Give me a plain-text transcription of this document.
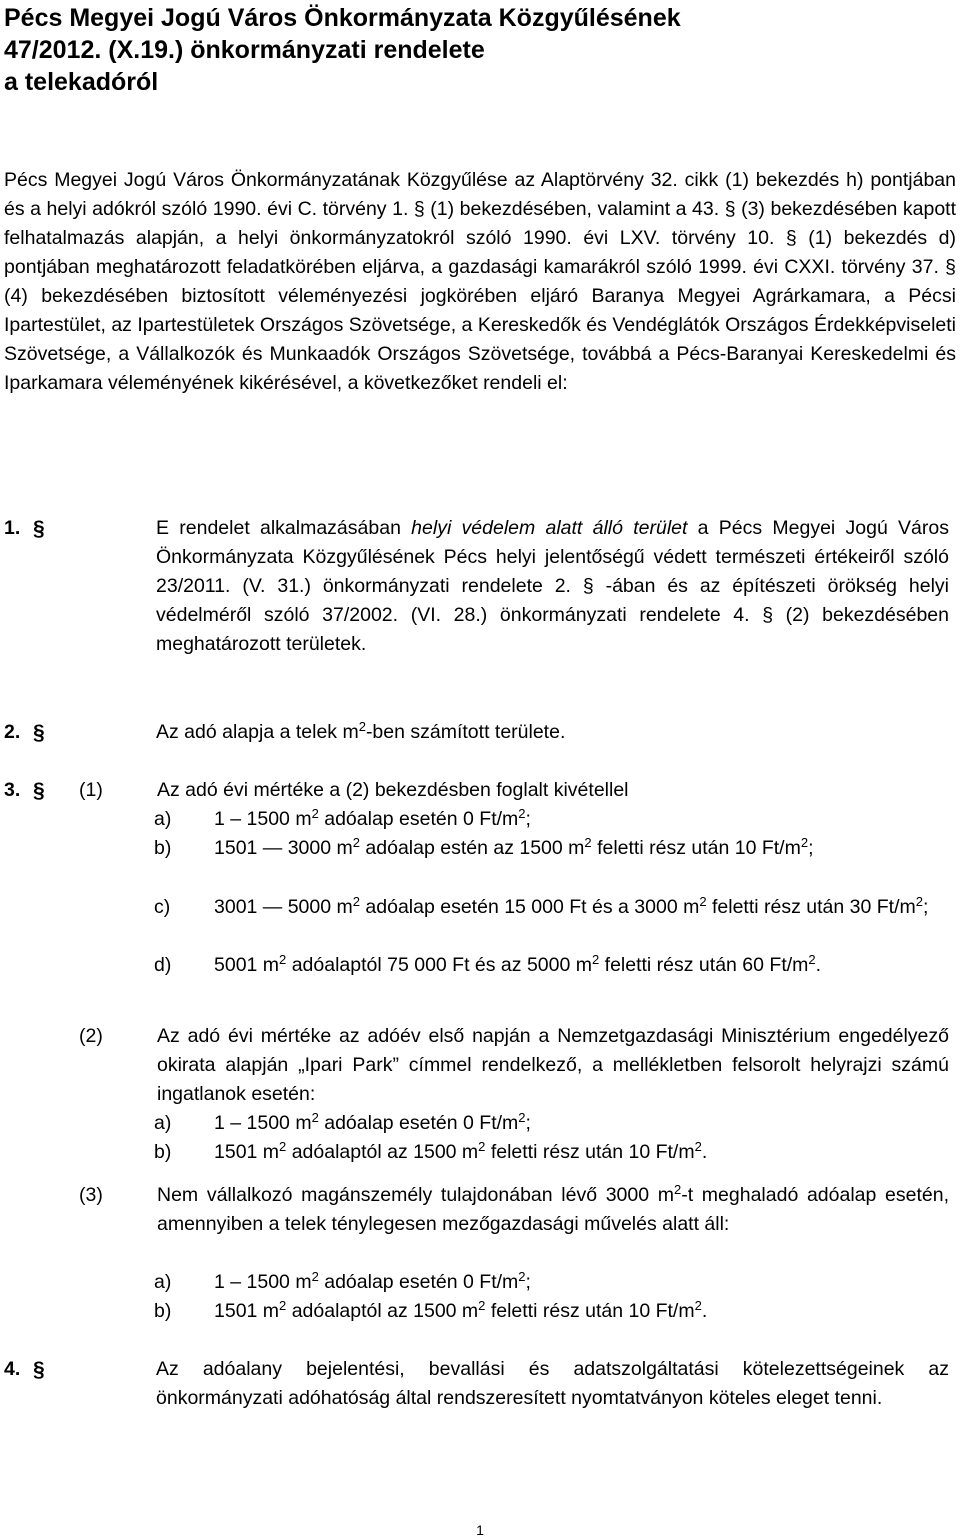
Pécs Megyei Jogú Város Önkormányzata Közgyűlésének
47/2012. (X.19.) önkormányzati rendelete
a telekadóról

Pécs Megyei Jogú Város Önkormányzatának Közgyűlése az Alaptörvény 32. cikk (1) bekezdés h) pontjában és a helyi adókról szóló 1990. évi C. törvény 1. § (1) bekezdésében, valamint a 43. § (3) bekezdésében kapott felhatalmazás alapján, a helyi önkormányzatokról szóló 1990. évi LXV. törvény 10. § (1) bekezdés d) pontjában meghatározott feladatkörében eljárva, a gazdasági kamarákról szóló 1999. évi CXXI. törvény 37. § (4) bekezdésében biztosított véleményezési jogkörében eljáró Baranya Megyei Agrárkamara, a Pécsi Ipartestület, az Ipartestületek Országos Szövetsége, a Kereskedők és Vendéglátók Országos Érdekképviseleti Szövetsége, a Vállalkozók és Munkaadók Országos Szövetsége, továbbá a Pécs-Baranyai Kereskedelmi és Iparkamara véleményének kikérésével, a következőket rendeli el:

1. §	E rendelet alkalmazásában helyi védelem alatt álló terület a Pécs Megyei Jogú Város Önkormányzata Közgyűlésének Pécs helyi jelentőségű védett természeti értékeiről szóló 23/2011. (V. 31.) önkormányzati rendelete 2. § -ában és az építészeti örökség helyi védelméről szóló 37/2002. (VI. 28.) önkormányzati rendelete 4. § (2) bekezdésében meghatározott területek.

2. §	Az adó alapja a telek $m^2$-ben számított területe.

3. § (1)	Az adó évi mértéke a (2) bekezdésben foglalt kivétellel

a) 1 – 1500 $m^2$ adóalap esetén 0 $Ft/m^2$;
b) 1501 — 3000 $m^2$ adóalap estén az 1500 $m^2$ feletti rész után 10 $Ft/m^2$;
c) 3001 — 5000 $m^2$ adóalap esetén 15 000 Ft és a 3000 $m^2$ feletti rész után 30 $Ft/m^2$;
d) 5001 $m^2$ adóalaptól 75 000 Ft és az 5000 $m^2$ feletti rész után 60 $Ft/m^2$.
(2)	Az adó évi mértéke az adóév első napján a Nemzetgazdasági Minisztérium engedélyező okirata alapján „Ipari Park” címmel rendelkező, a mellékletben felsorolt helyrajzi számú ingatlanok esetén:

a) 1 – 1500 $m^2$ adóalap esetén 0 $Ft/m^2$;
b) 1501 $m^2$ adóalaptól az 1500 $m^2$ feletti rész után 10 $Ft/m^2$.
(3)	Nem vállalkozó magánszemély tulajdonában lévő 3000 $m^2-t$ meghaladó adóalap esetén, amennyiben a telek ténylegesen mezőgazdasági művelés alatt áll:

a) 1 – 1500 $m^2$ adóalap esetén 0 $Ft/m^2$;
b) 1501 $m^2$ adóalaptól az 1500 $m^2$ feletti rész után 10 $Ft/m^2$.
4. §	Az adóalany bejelentési, bevallási és adatszolgáltatási kötelezettségeinek az önkormányzati adóhatóság által rendszeresített nyomtatványon köteles eleget tenni.

1
